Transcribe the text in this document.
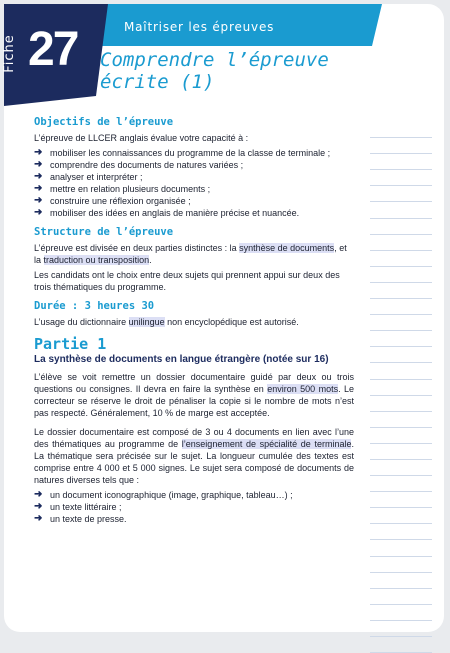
Fiche 27	Maîtriser les épreuves
Comprendre l’épreuve
écrite (1)
Objectifs de l’épreuve

L’épreuve de LLCER anglais évalue votre capacité à :

➜ mobiliser les connaissances du programme de la classe de terminale ;
➜ comprendre des documents de natures variées ;
➜ analyser et interpréter ;
➜ mettre en relation plusieurs documents ;
➜ construire une réflexion organisée ;
➜ mobiliser des idées en anglais de manière précise et nuancée.
Structure de l’épreuve

L’épreuve est divisée en deux parties distinctes : la synthèse de documents, et la traduction ou transposition.

Les candidats ont le choix entre deux sujets qui prennent appui sur deux des trois thématiques du programme.

Durée : 3 heures 30

L’usage du dictionnaire unilingue non encyclopédique est autorisé.

Partie 1
La synthèse de documents en langue étrangère (notée sur 16)

L’élève se voit remettre un dossier documentaire guidé par deux ou trois questions ou consignes. Il devra en faire la synthèse en environ 500 mots. Le correcteur se réserve le droit de pénaliser la copie si le nombre de mots n’est pas respecté. Généralement, 10 % de marge est acceptée.

Le dossier documentaire est composé de 3 ou 4 documents en lien avec l’une des thématiques au programme de l’enseignement de spécialité de terminale. La thématique sera précisée sur le sujet. La longueur cumulée des textes est comprise entre 4 000 et 5 000 signes. Le sujet sera composé de documents de natures diverses tels que :

➜ un document iconographique (image, graphique, tableau…) ;
➜ un texte littéraire ;
➜ un texte de presse.
